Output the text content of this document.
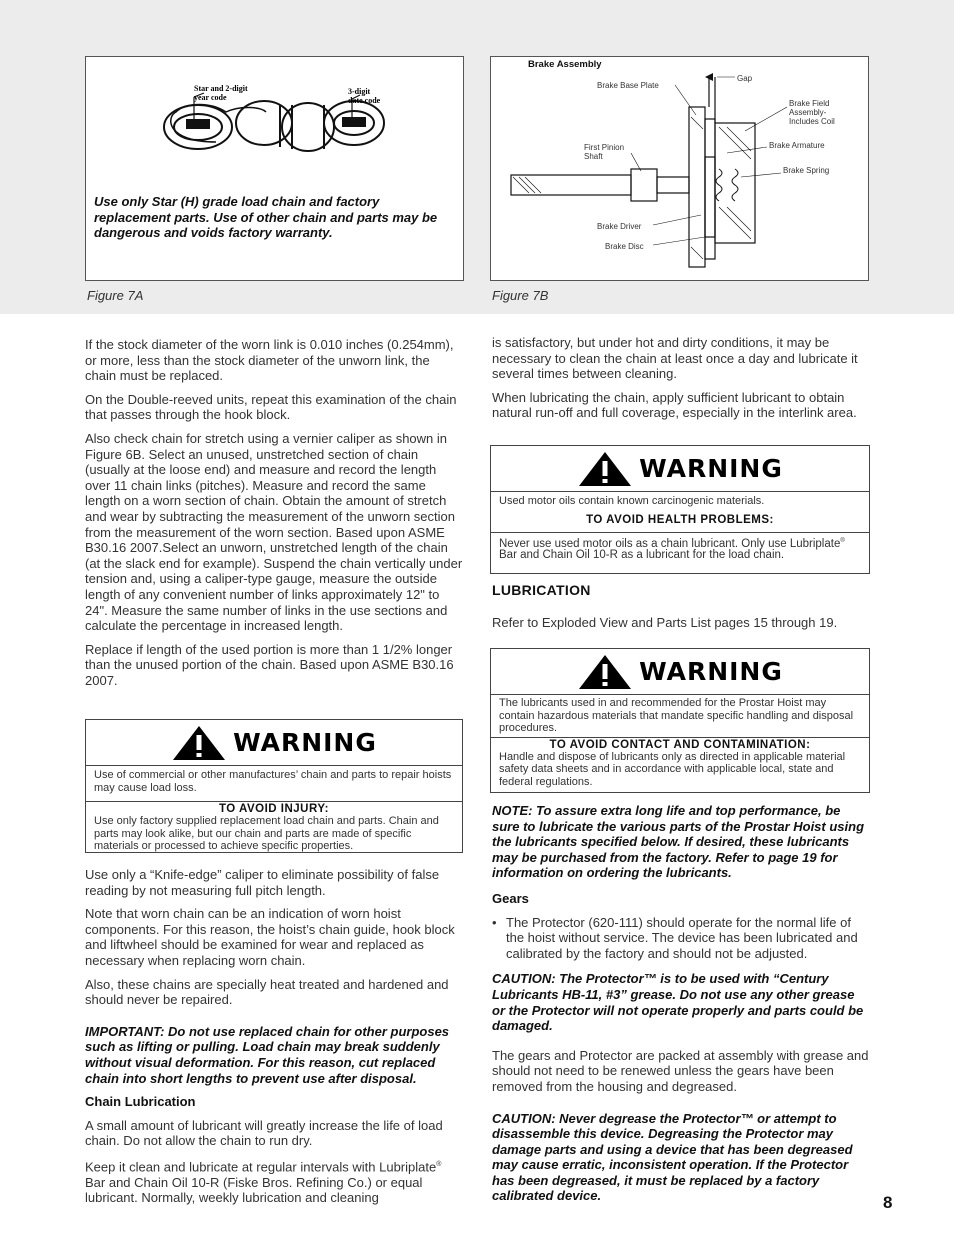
Star and 2-digit
year code
3-digit
date code
Use only Star (H) grade load chain and factory replacement parts. Use of other chain and parts may be dangerous and voids factory warranty.
Figure 7A
Brake Assembly
Brake Base Plate
Gap
Brake Field
Assembly-
Includes Coil
Brake Armature
First Pinion
Shaft
Brake Spring
Brake Driver
Brake Disc
Figure 7B

If the stock diameter of the worn link is 0.010 inches (0.254mm), or more, less than the stock diameter of the unworn link, the chain must be replaced.

On the Double-reeved units, repeat this examination of the chain that passes through the hook block.

Also check chain for stretch using a vernier caliper as shown in Figure 6B. Select an unused, unstretched section of chain (usually at the loose end) and measure and record the length over 11 chain links (pitches). Measure and record the same length on a worn section of chain. Obtain the amount of stretch and wear by subtracting the measurement of the unworn section from the measurement of the worn section. Based upon ASME B30.16 2007.Select an unworn, unstretched length of the chain (at the slack end for example). Suspend the chain vertically under tension and, using a caliper-type gauge, measure the outside length of any convenient number of links approximately 12" to 24". Measure the same number of links in the use sections and calculate the percentage in increased length.

Replace if length of the used portion is more than 1 1/2% longer than the unused portion of the chain. Based upon ASME B30.16 2007.

WARNING
Use of commercial or other manufactures’ chain and parts to repair hoists may cause load loss.
TO AVOID INJURY:
Use only factory supplied replacement load chain and parts. Chain and parts may look alike, but our chain and parts are made of specific materials or processed to achieve specific properties.

Use only a “Knife-edge” caliper to eliminate possibility of false reading by not measuring full pitch length.

Note that worn chain can be an indication of worn hoist components. For this reason, the hoist’s chain guide, hook block and liftwheel should be examined for wear and replaced as necessary when replacing worn chain.

Also, these chains are specially heat treated and hardened and should never be repaired.

IMPORTANT: Do not use replaced chain for other purposes such as lifting or pulling. Load chain may break suddenly without visual deformation. For this reason, cut replaced chain into short lengths to prevent use after disposal.

Chain Lubrication

A small amount of lubricant will greatly increase the life of load chain. Do not allow the chain to run dry.

Keep it clean and lubricate at regular intervals with Lubriplate® Bar and Chain Oil 10-R (Fiske Bros. Refining Co.) or equal lubricant. Normally, weekly lubrication and cleaning

is satisfactory, but under hot and dirty conditions, it may be necessary to clean the chain at least once a day and lubricate it several times between cleaning.

When lubricating the chain, apply sufficient lubricant to obtain natural run-off and full coverage, especially in the interlink area.

WARNING
Used motor oils contain known carcinogenic materials.
TO AVOID HEALTH PROBLEMS:
Never use used motor oils as a chain lubricant. Only use Lubriplate® Bar and Chain Oil 10-R as a lubricant for the load chain.

LUBRICATION

Refer to Exploded View and Parts List pages 15 through 19.

WARNING
The lubricants used in and recommended for the Prostar Hoist may contain hazardous materials that mandate specific handling and disposal procedures.
TO AVOID CONTACT AND CONTAMINATION:
Handle and dispose of lubricants only as directed in applicable material safety data sheets and in accordance with applicable local, state and federal regulations.

NOTE: To assure extra long life and top performance, be sure to lubricate the various parts of the Prostar Hoist using the lubricants specified below. If desired, these lubricants may be purchased from the factory. Refer to page 19 for information on ordering the lubricants.

Gears

• The Protector (620-111) should operate for the normal life of the hoist without service. The device has been lubricated and calibrated by the factory and should not be adjusted.

CAUTION: The Protector™ is to be used with “Century Lubricants HB-11, #3” grease. Do not use any other grease or the Protector will not operate properly and parts could be damaged.

The gears and Protector are packed at assembly with grease and should not need to be renewed unless the gears have been removed from the housing and degreased.

CAUTION: Never degrease the Protector™ or attempt to disassemble this device. Degreasing the Protector may damage parts and using a device that has been degreased may cause erratic, inconsistent operation. If the Protector has been degreased, it must be replaced by a factory calibrated device.	8
